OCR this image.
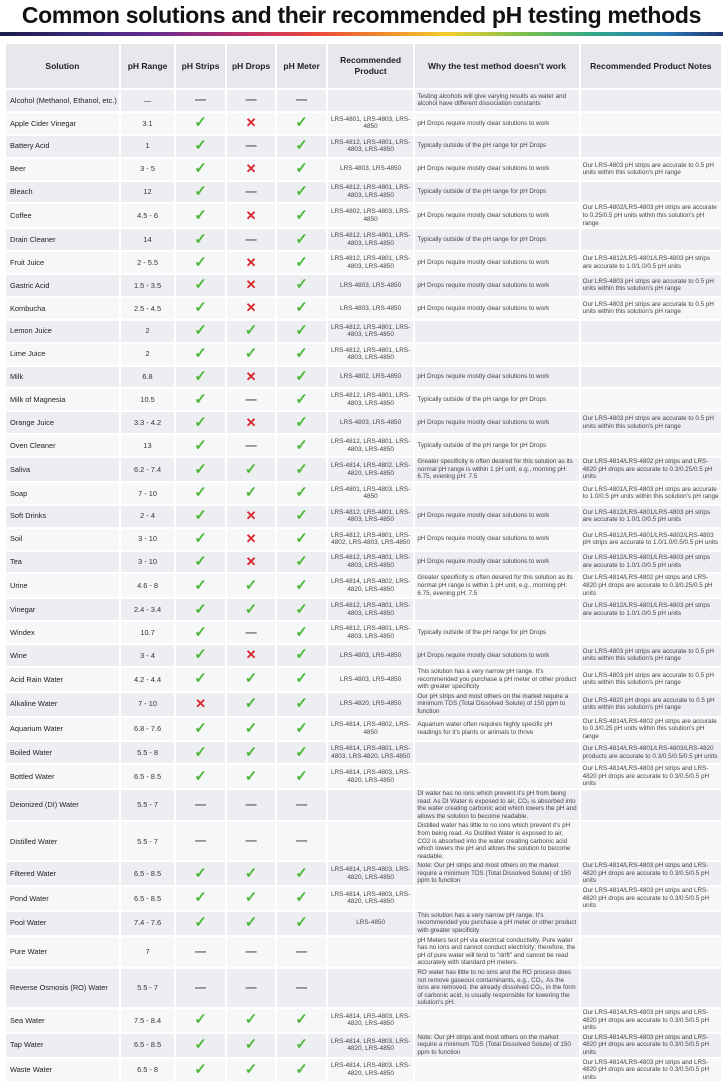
Common solutions and their recommended pH testing methods
Solution	pH Range	pH Strips	pH Drops	pH Meter	Recommended Product	Why the test method doesn't work	Recommended Product Notes
Alcohol (Methanol, Ethanol, etc.)	—	—	—	—		Testing alcohols will give varying results as water and alcohol have different dissociation constants	
Apple Cider Vinegar	3.1	✓	✕	✓	LRS-4801, LRS-4803, LRS-4850	pH Drops require mostly clear solutions to work	
Battery Acid	1	✓	—	✓	LRS-4812, LRS-4801, LRS-4803, LRS-4850	Typically outside of the pH range for pH Drops	
Beer	3 - 5	✓	✕	✓	LRS-4803, LRS-4850	pH Drops require mostly clear solutions to work	Our LRS-4803 pH strips are accurate to 0.5 pH units within this solution's pH range
Bleach	12	✓	—	✓	LRS-4812, LRS-4801, LRS-4803, LRS-4850	Typically outside of the pH range for pH Drops	
Coffee	4.5 - 6	✓	✕	✓	LRS-4802, LRS-4803, LRS-4850	pH Drops require mostly clear solutions to work	Our LRS-4802/LRS-4803 pH strips are accurate to 0.25/0.5 pH units within this solution's pH range
Drain Cleaner	14	✓	—	✓	LRS-4812, LRS-4801, LRS-4803, LRS-4850	Typically outside of the pH range for pH Drops	
Fruit Juice	2 - 5.5	✓	✕	✓	LRS-4812, LRS-4801, LRS-4803, LRS-4850	pH Drops require mostly clear solutions to work	Our LRS-4812/LRS-4801/LRS-4803 pH strips are accurate to 1.0/1.0/0.5 pH units
Gastric Acid	1.5 - 3.5	✓	✕	✓	LRS-4803, LRS-4850	pH Drops require mostly clear solutions to work	Our LRS-4803 pH strips are accurate to 0.5 pH units within this solution's pH range
Kombucha	2.5 - 4.5	✓	✕	✓	LRS-4803, LRS-4850	pH Drops require mostly clear solutions to work	Our LRS-4803 pH strips are accurate to 0.5 pH units within this solution's pH range
Lemon Juice	2	✓	✓	✓	LRS-4812, LRS-4801, LRS-4803, LRS-4850		
Lime Juice	2	✓	✓	✓	LRS-4812, LRS-4801, LRS-4803, LRS-4850		
Milk	6.8	✓	✕	✓	LRS-4802, LRS-4850	pH Drops require mostly clear solutions to work	
Milk of Magnesia	10.5	✓	—	✓	LRS-4812, LRS-4801, LRS-4803, LRS-4850	Typically outside of the pH range for pH Drops	
Orange Juice	3.3 - 4.2	✓	✕	✓	LRS-4803, LRS-4850	pH Drops require mostly clear solutions to work	Our LRS-4803 pH strips are accurate to 0.5 pH units within this solution's pH range
Oven Cleaner	13	✓	—	✓	LRS-4812, LRS-4801, LRS-4803, LRS-4850	Typically outside of the pH range for pH Drops	
Saliva	6.2 - 7.4	✓	✓	✓	LRS-4814, LRS-4802, LRS-4820, LRS-4850	Greater specificity is often desired for this solution as its normal pH range is within 1 pH unit, e.g., morning pH: 6.75, evening pH: 7.5	Our LRS-4814/LRS-4802 pH strips and LRS-4820 pH drops are accurate to 0.3/0.25/0.5 pH units
Soap	7 - 10	✓	✓	✓	LRS-4801, LRS-4803, LRS-4850		Our LRS-4801/LRS-4803 pH strips are accurate to 1.0/0.5 pH units within this solution's pH range
Soft Drinks	2 - 4	✓	✕	✓	LRS-4812, LRS-4801, LRS-4803, LRS-4850	pH Drops require mostly clear solutions to work	Our LRS-4812/LRS-4801/LRS-4803 pH strips are accurate to 1.0/1.0/0.5 pH units
Soil	3 - 10	✓	✕	✓	LRS-4812, LRS-4801, LRS-4802, LRS-4803, LRS-4850	pH Drops require mostly clear solutions to work	Our LRS-4812/LRS-4801/LRS-4802/LRS-4803 pH strips are accurate to 1.0/1.0/0.5/0.5 pH units
Tea	3 - 10	✓	✕	✓	LRS-4812, LRS-4801, LRS-4803, LRS-4850	pH Drops require mostly clear solutions to work	Our LRS-4812/LRS-4801/LRS-4803 pH strips are accurate to 1.0/1.0/0.5 pH units
Urine	4.6 - 8	✓	✓	✓	LRS-4814, LRS-4802, LRS-4820, LRS-4850	Greater specificity is often desired for this solution as its normal pH range is within 1 pH unit, e.g., morning pH: 6.75, evening pH: 7.5	Our LRS-4814/LRS-4802 pH strips and LRS-4820 pH drops are accurate to 0.3/0.25/0.5 pH units
Vinegar	2.4 - 3.4	✓	✓	✓	LRS-4812, LRS-4801, LRS-4803, LRS-4850		Our LRS-4812/LRS-4801/LRS-4803 pH strips are accurate to 1.0/1.0/0.5 pH units
Windex	10.7	✓	—	✓	LRS-4812, LRS-4801, LRS-4803, LRS-4850	Typically outside of the pH range for pH Drops	
Wine	3 - 4	✓	✕	✓	LRS-4803, LRS-4850	pH Drops require mostly clear solutions to work	Our LRS-4803 pH strips are accurate to 0.5 pH units within this solution's pH range
Acid Rain Water	4.2 - 4.4	✓	✓	✓	LRS-4803, LRS-4850	This solution has a very narrow pH range. It's recommended you purchase a pH meter or other product with greater specificity	Our LRS-4803 pH strips are accurate to 0.5 pH units within this solution's pH range
Alkaline Water	7 - 10	✕	✓	✓	LRS-4820, LRS-4850	Our pH strips and most others on the market require a minimum TDS (Total Dissolved Solute) of 150 ppm to function	Our LRS-4820 pH drops are accurate to 0.5 pH units within this solution's pH range
Aquarium Water	6.8 - 7.6	✓	✓	✓	LRS-4814, LRS-4802, LRS-4850	Aquarium water often requires highly specific pH readings for it's plants or animals to thrive	Our LRS-4814/LRS-4802 pH strips are accurate to 0.3/0.25 pH units within this solution's pH range
Boiled Water	5.5 - 8	✓	✓	✓	LRS-4814, LRS-4801, LRS-4803, LRS-4820, LRS-4850		Our LRS-4814/LRS-4801/LRS-4803/LRS-4820 products are accurate to 0.3/0.5/0.5/0.5 pH units
Bottled Water	6.5 - 8.5	✓	✓	✓	LRS-4814, LRS-4803, LRS-4820, LRS-4850		Our LRS-4814/LRS-4803 pH strips and LRS-4820 pH drops are accurate to 0.3/0.5/0.5 pH units
Deionized (DI) Water	5.5 - 7	—	—	—		DI water has no ions which prevent it's pH from being read. As DI Water is exposed to air, CO₂ is absorbed into the water creating carbonic acid which lowers the pH and allows the solution to become readable.	
Distilled Water	5.5 - 7	—	—	—		Distilled water has little to no ions which prevent it's pH from being read. As Distilled Water is exposed to air, CO2 is absorbed into the water creating carbonic acid which lowers the pH and allows the solution to become readable.	
Filtered Water	6.5 - 8.5	✓	✓	✓	LRS-4814, LRS-4803, LRS-4820, LRS-4850	Note: Our pH strips and most others on the market require a minimum TDS (Total Dissolved Solute) of 150 ppm to function	Our LRS-4814/LRS-4803 pH strips and LRS-4820 pH drops are accurate to 0.3/0.5/0.5 pH units
Pond Water	6.5 - 8.5	✓	✓	✓	LRS-4814, LRS-4803, LRS-4820, LRS-4850		Our LRS-4814/LRS-4803 pH strips and LRS-4820 pH drops are accurate to 0.3/0.5/0.5 pH units
Pool Water	7.4 - 7.6	✓	✓	✓	LRS-4850	This solution has a very narrow pH range. It's recommended you purchase a pH meter or other product with greater specificity	
Pure Water	7	—	—	—		pH Meters test pH via electrical conductivity. Pure water has no ions and cannot conduct electricity; therefore, the pH of pure water will tend to "drift" and cannot be read accurately with standard pH meters.	
Reverse Osmosis (RO) Water	5.5 - 7	—	—	—		RO water has little to no ions and the RO process does not remove gaseous contaminants, e.g., CO₂. As the ions are removed, the already dissolved CO₂, in the form of carbonic acid, is usually responsible for lowering the solution's pH.	
Sea Water	7.5 - 8.4	✓	✓	✓	LRS-4814, LRS-4803, LRS-4820, LRS-4850		Our LRS-4814/LRS-4803 pH strips and LRS-4820 pH drops are accurate to 0.3/0.5/0.5 pH units
Tap Water	6.5 - 8.5	✓	✓	✓	LRS-4814, LRS-4803, LRS-4820, LRS-4850	Note: Our pH strips and most others on the market require a minimum TDS (Total Dissolved Solute) of 150 ppm to function	Our LRS-4814/LRS-4803 pH strips and LRS-4820 pH drops are accurate to 0.3/0.5/0.5 pH units
Waste Water	6.5 - 8	✓	✓	✓	LRS-4814, LRS-4803, LRS-4820, LRS-4850		Our LRS-4814/LRS-4803 pH strips and LRS-4820 pH drops are accurate to 0.3/0.5/0.5 pH units
